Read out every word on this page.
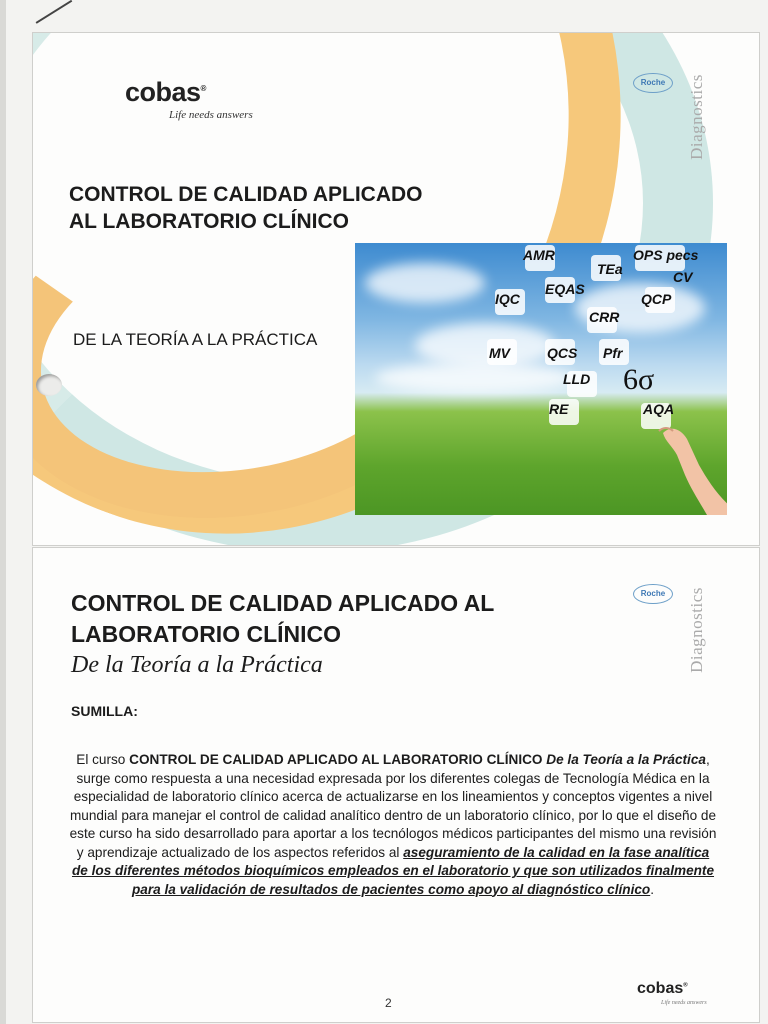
cobas®
Life needs answers
Roche	Diagnostics
CONTROL DE CALIDAD APLICADO
AL LABORATORIO CLÍNICO
DE LA TEORÍA A LA PRÁCTICA
AMR	OPS pecs
TEa	CV
EQAS
IQC	QCP
CRR
MV	QCS Pfr
LLD 6σ
RE	AQA
Roche	Diagnostics
CONTROL DE CALIDAD APLICADO AL
LABORATORIO CLÍNICO
De la Teoría a la Práctica
SUMILLA:
El curso CONTROL DE CALIDAD APLICADO AL LABORATORIO CLÍNICO De la Teoría a la Práctica, surge como respuesta a una necesidad expresada por los diferentes colegas de Tecnología Médica en la especialidad de laboratorio clínico acerca de actualizarse en los lineamientos y conceptos vigentes a nivel mundial para manejar el control de calidad analítico dentro de un laboratorio clínico, por lo que el diseño de este curso ha sido desarrollado para aportar a los tecnólogos médicos participantes del mismo una revisión y aprendizaje actualizado de los aspectos referidos al aseguramiento de la calidad en la fase analítica de los diferentes métodos bioquímicos empleados en el laboratorio y que son utilizados finalmente para la validación de resultados de pacientes como apoyo al diagnóstico clínico.
2
cobas®
Life needs answers
